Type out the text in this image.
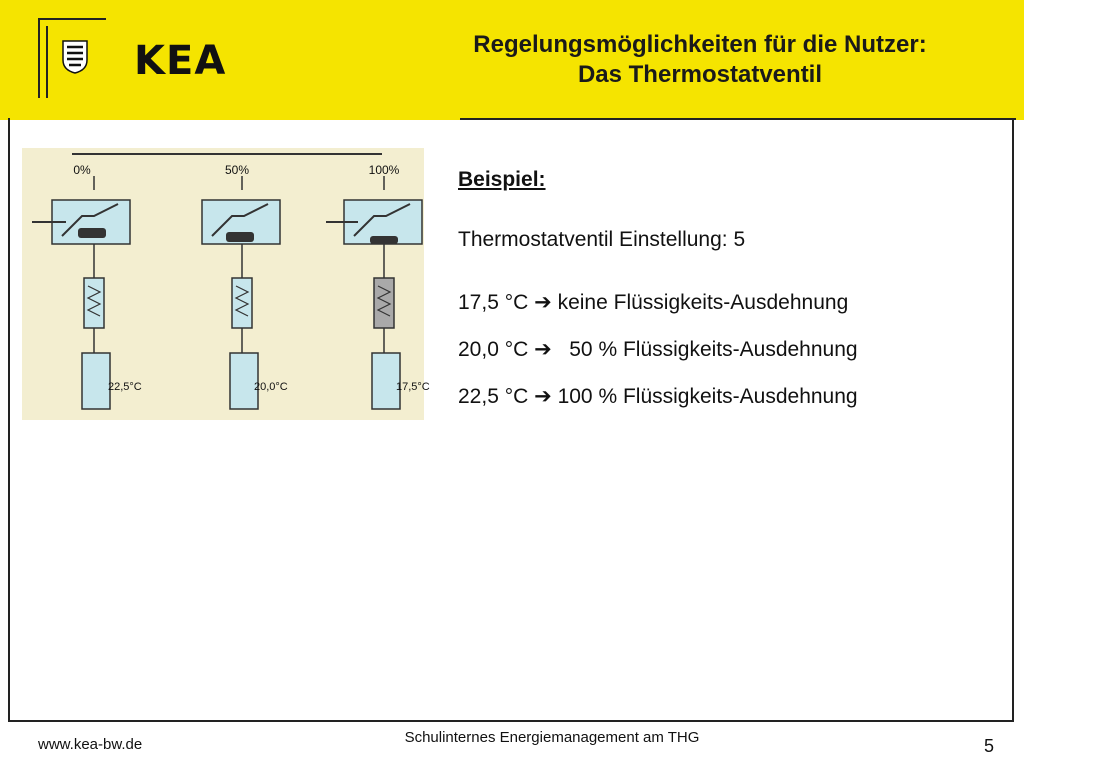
KEA	Regelungsmöglichkeiten für die Nutzer:
Das Thermostatventil
0%
22,5°C
50%
20,0°C
100%
17,5°C
Beispiel:
Thermostatventil Einstellung: 5
17,5 °C ➔ keine Flüssigkeits-Ausdehnung
20,0 °C ➔   50 % Flüssigkeits-Ausdehnung
22,5 °C ➔ 100 % Flüssigkeits-Ausdehnung
www.kea-bw.de	Schulinternes Energiemanagement am THG	5
